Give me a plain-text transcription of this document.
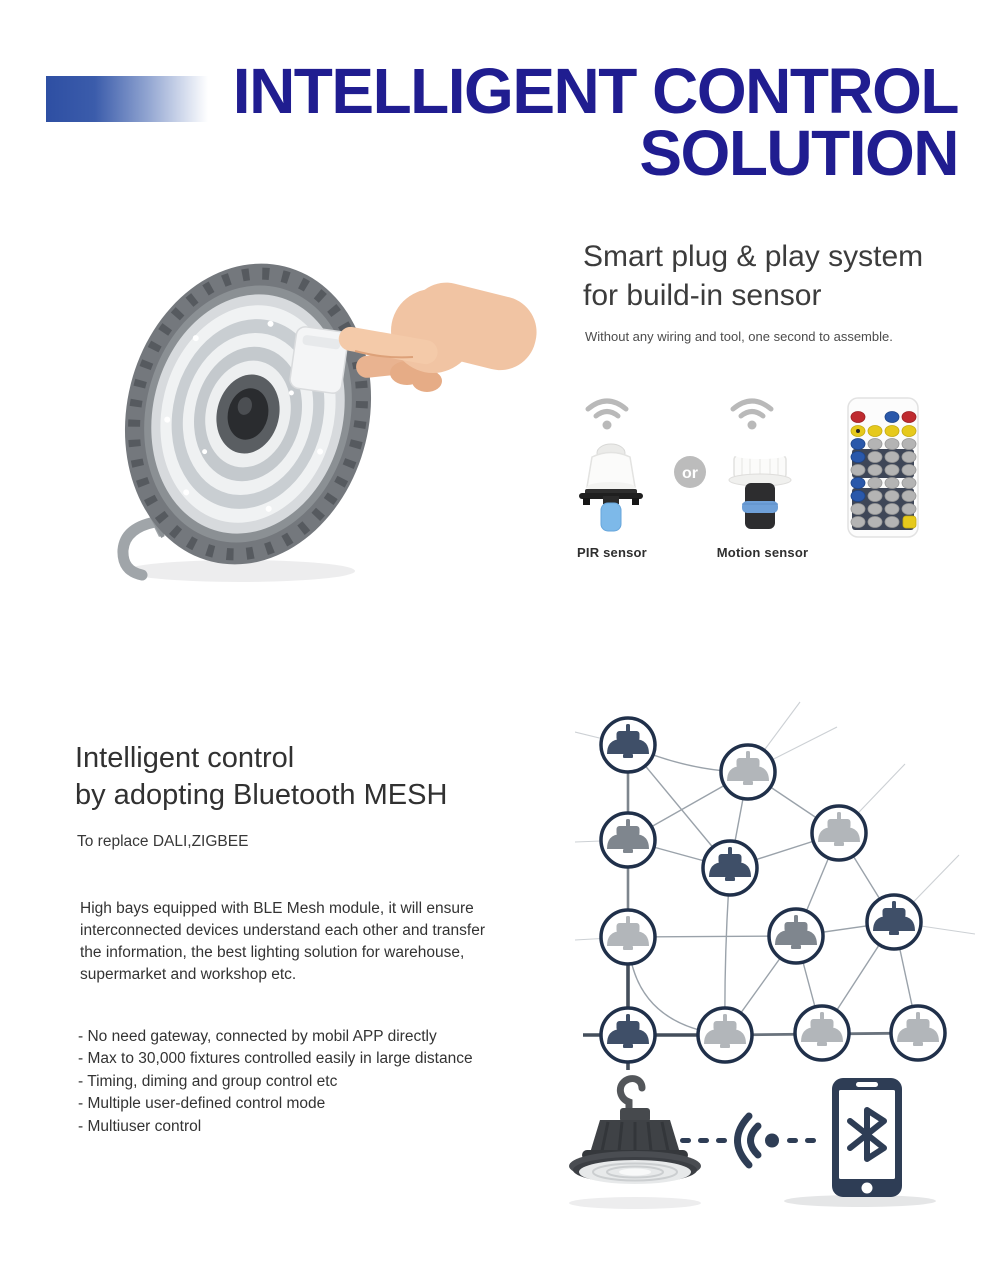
INTELLIGENT CONTROL
SOLUTION
Smart plug & play system
for build-in sensor
Without any wiring and tool, one second to assemble.
or
PIR sensor	Motion sensor
Intelligent control
by adopting Bluetooth MESH
To replace DALI,ZIGBEE

High bays equipped with BLE Mesh module, it will ensure interconnected devices understand each other and transfer the information, the best lighting solution for warehouse, supermarket and workshop etc.

- No need gateway, connected by mobil APP directly
- Max to 30,000 fixtures controlled easily in large distance
- Timing, diming and group control etc
- Multiple user-defined control mode
- Multiuser control
